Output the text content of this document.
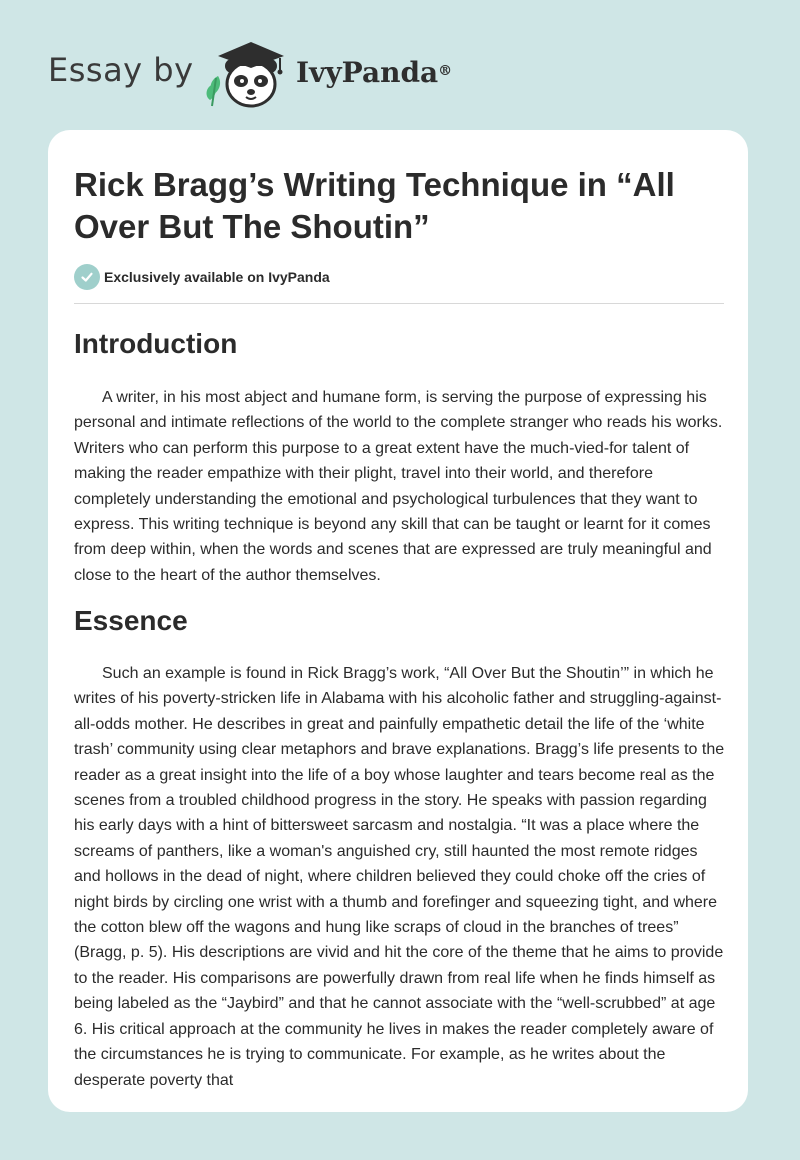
Essay by	IvyPanda®
Rick Bragg’s Writing Technique in “All Over But The Shoutin”
Exclusively available on IvyPanda
Introduction

A writer, in his most abject and humane form, is serving the purpose of expressing his personal and intimate reflections of the world to the complete stranger who reads his works. Writers who can perform this purpose to a great extent have the much-vied-for talent of making the reader empathize with their plight, travel into their world, and therefore completely understanding the emotional and psychological turbulences that they want to express. This writing technique is beyond any skill that can be taught or learnt for it comes from deep within, when the words and scenes that are expressed are truly meaningful and close to the heart of the author themselves.

Essence

Such an example is found in Rick Bragg’s work, “All Over But the Shoutin’” in which he writes of his poverty-stricken life in Alabama with his alcoholic father and struggling-against-all-odds mother. He describes in great and painfully empathetic detail the life of the ‘white trash’ community using clear metaphors and brave explanations. Bragg’s life presents to the reader as a great insight into the life of a boy whose laughter and tears become real as the scenes from a troubled childhood progress in the story. He speaks with passion regarding his early days with a hint of bittersweet sarcasm and nostalgia. “It was a place where the screams of panthers, like a woman's anguished cry, still haunted the most remote ridges and hollows in the dead of night, where children believed they could choke off the cries of night birds by circling one wrist with a thumb and forefinger and squeezing tight, and where the cotton blew off the wagons and hung like scraps of cloud in the branches of trees” (Bragg, p. 5). His descriptions are vivid and hit the core of the theme that he aims to provide to the reader. His comparisons are powerfully drawn from real life when he finds himself as being labeled as the “Jaybird” and that he cannot associate with the “well-scrubbed” at age 6. His critical approach at the community he lives in makes the reader completely aware of the circumstances he is trying to communicate. For example, as he writes about the desperate poverty that
